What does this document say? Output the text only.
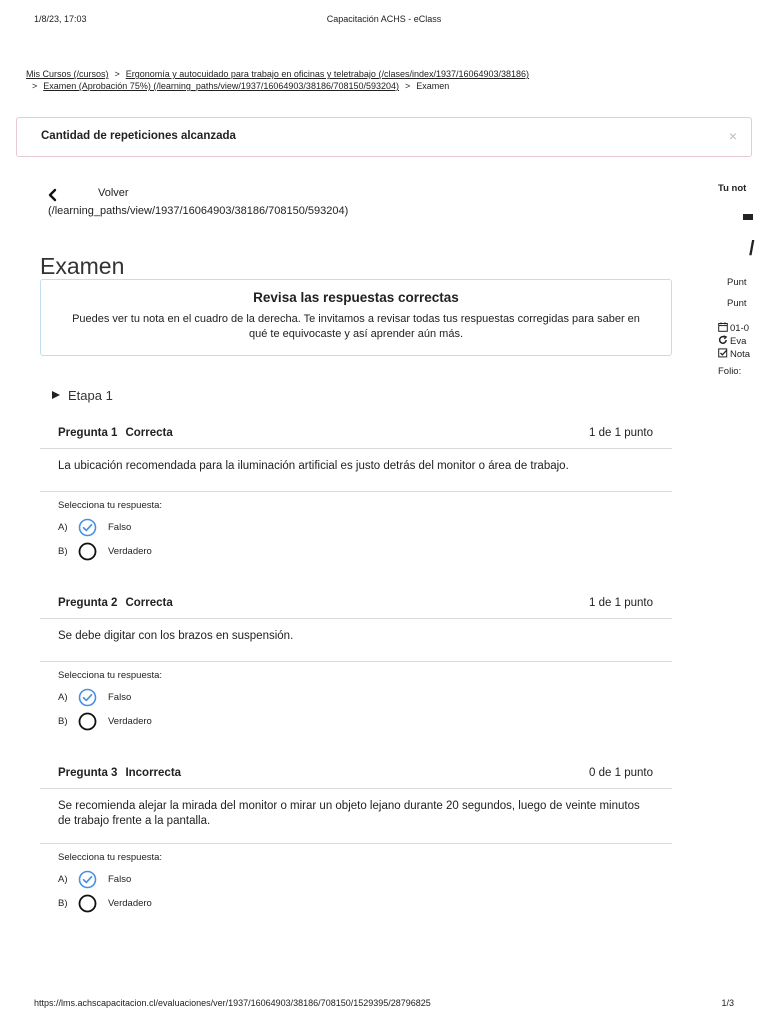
1/8/23, 17:03	Capacitación ACHS - eClass
Mis Cursos (/cursos) > Ergonomía y autocuidado para trabajo en oficinas y teletrabajo (/clases/index/1937/16064903/38186)
> Examen (Aprobación 75%) (/learning_paths/view/1937/16064903/38186/708150/593204) > Examen
Cantidad de repeticiones alcanzada	×
Volver
(/learning_paths/view/1937/16064903/38186/708150/593204)
Examen
Revisa las respuestas correctas
Puedes ver tu nota en el cuadro de la derecha. Te invitamos a revisar todas tus respuestas corregidas para saber en qué te equivocaste y así aprender aún más.
Etapa 1
Pregunta 1 Correcta	1 de 1 punto
La ubicación recomendada para la iluminación artificial es justo detrás del monitor o área de trabajo.
Selecciona tu respuesta:
A)	Falso
B)	Verdadero
Pregunta 2 Correcta	1 de 1 punto
Se debe digitar con los brazos en suspensión.
Selecciona tu respuesta:
A)	Falso
B)	Verdadero
Pregunta 3 Incorrecta	0 de 1 punto
Se recomienda alejar la mirada del monitor o mirar un objeto lejano durante 20 segundos, luego de veinte minutos de trabajo frente a la pantalla.
Selecciona tu respuesta:
A)	Falso
B)	Verdadero
Tu not
/
Punt
Punt
01-0
Eva
Nota
Folio:
https://lms.achscapacitacion.cl/evaluaciones/ver/1937/16064903/38186/708150/1529395/28796825	1/3
